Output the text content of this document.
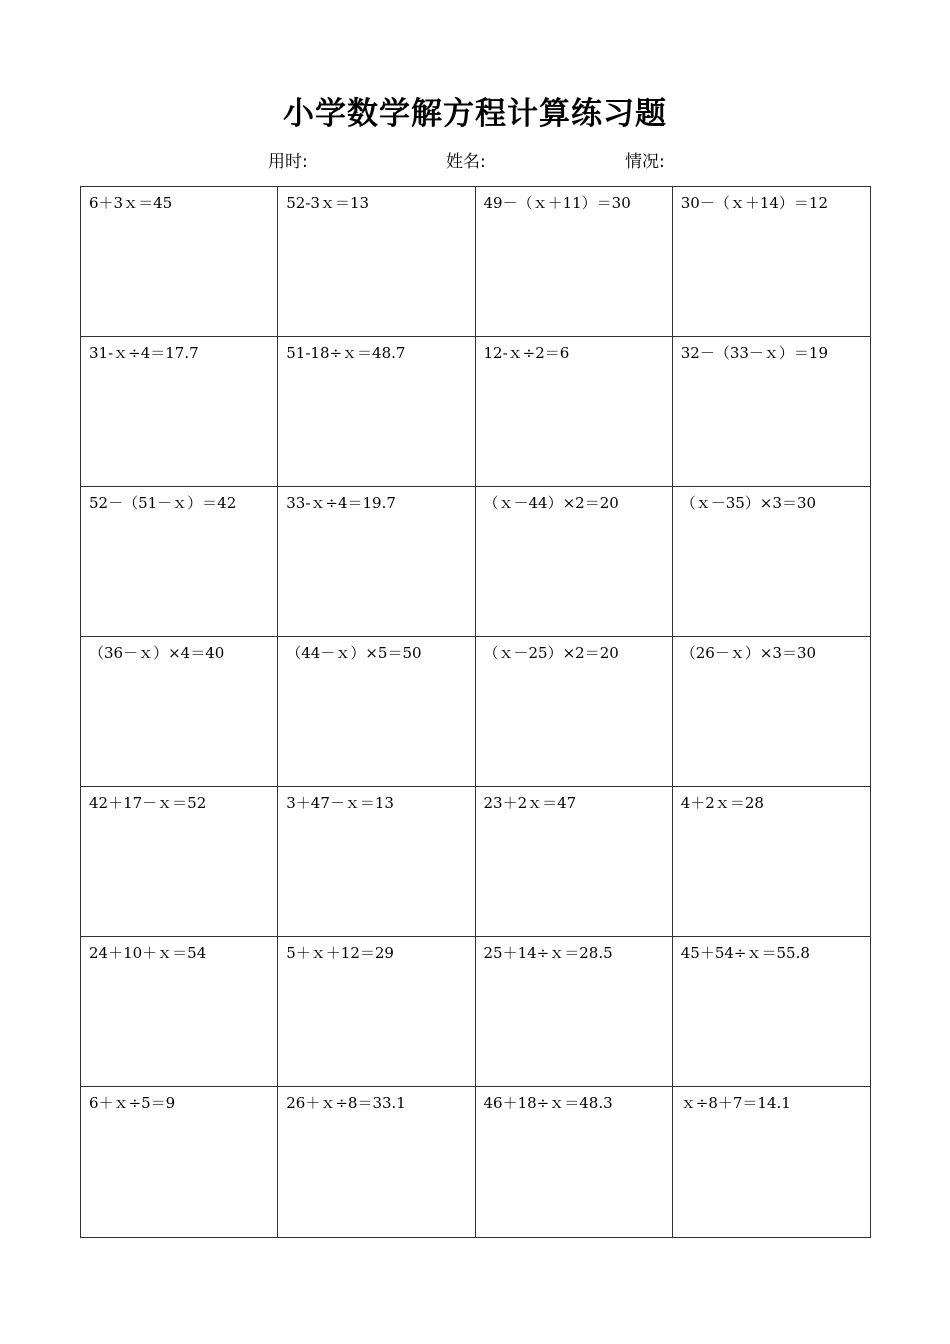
小学数学解方程计算练习题
用时:	姓名:	情况:
6＋3ｘ＝45	52-3ｘ＝13	49－（ｘ＋11）＝30	30－（ｘ＋14）＝12
31-ｘ÷4＝17.7	51-18÷ｘ＝48.7	12-ｘ÷2＝6	32－（33－ｘ）＝19
52－（51－ｘ）＝42	33-ｘ÷4＝19.7	（ｘ－44）×2＝20	（ｘ－35）×3＝30
（36－ｘ）×4＝40	（44－ｘ）×5＝50	（ｘ－25）×2＝20	（26－ｘ）×3＝30
42＋17－ｘ＝52	3＋47－ｘ＝13	23＋2ｘ＝47	4＋2ｘ＝28
24＋10＋ｘ＝54	5＋ｘ＋12＝29	25＋14÷ｘ＝28.5	45＋54÷ｘ＝55.8
6＋ｘ÷5＝9	26＋ｘ÷8＝33.1	46＋18÷ｘ＝48.3	ｘ÷8＋7＝14.1
